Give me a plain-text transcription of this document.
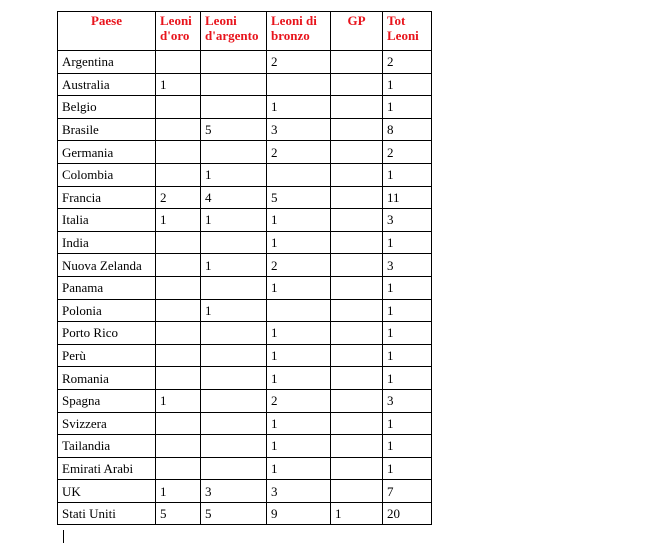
Paese	Leoni d'oro	Leoni d'argento	Leoni di bronzo	GP	Tot Leoni
Argentina			2		2
Australia	1				1
Belgio			1		1
Brasile		5	3		8
Germania			2		2
Colombia		1			1
Francia	2	4	5		11
Italia	1	1	1		3
India			1		1
Nuova Zelanda		1	2		3
Panama			1		1
Polonia		1			1
Porto Rico			1		1
Perù			1		1
Romania			1		1
Spagna	1		2		3
Svizzera			1		1
Tailandia			1		1
Emirati Arabi			1		1
UK	1	3	3		7
Stati Uniti	5	5	9	1	20
